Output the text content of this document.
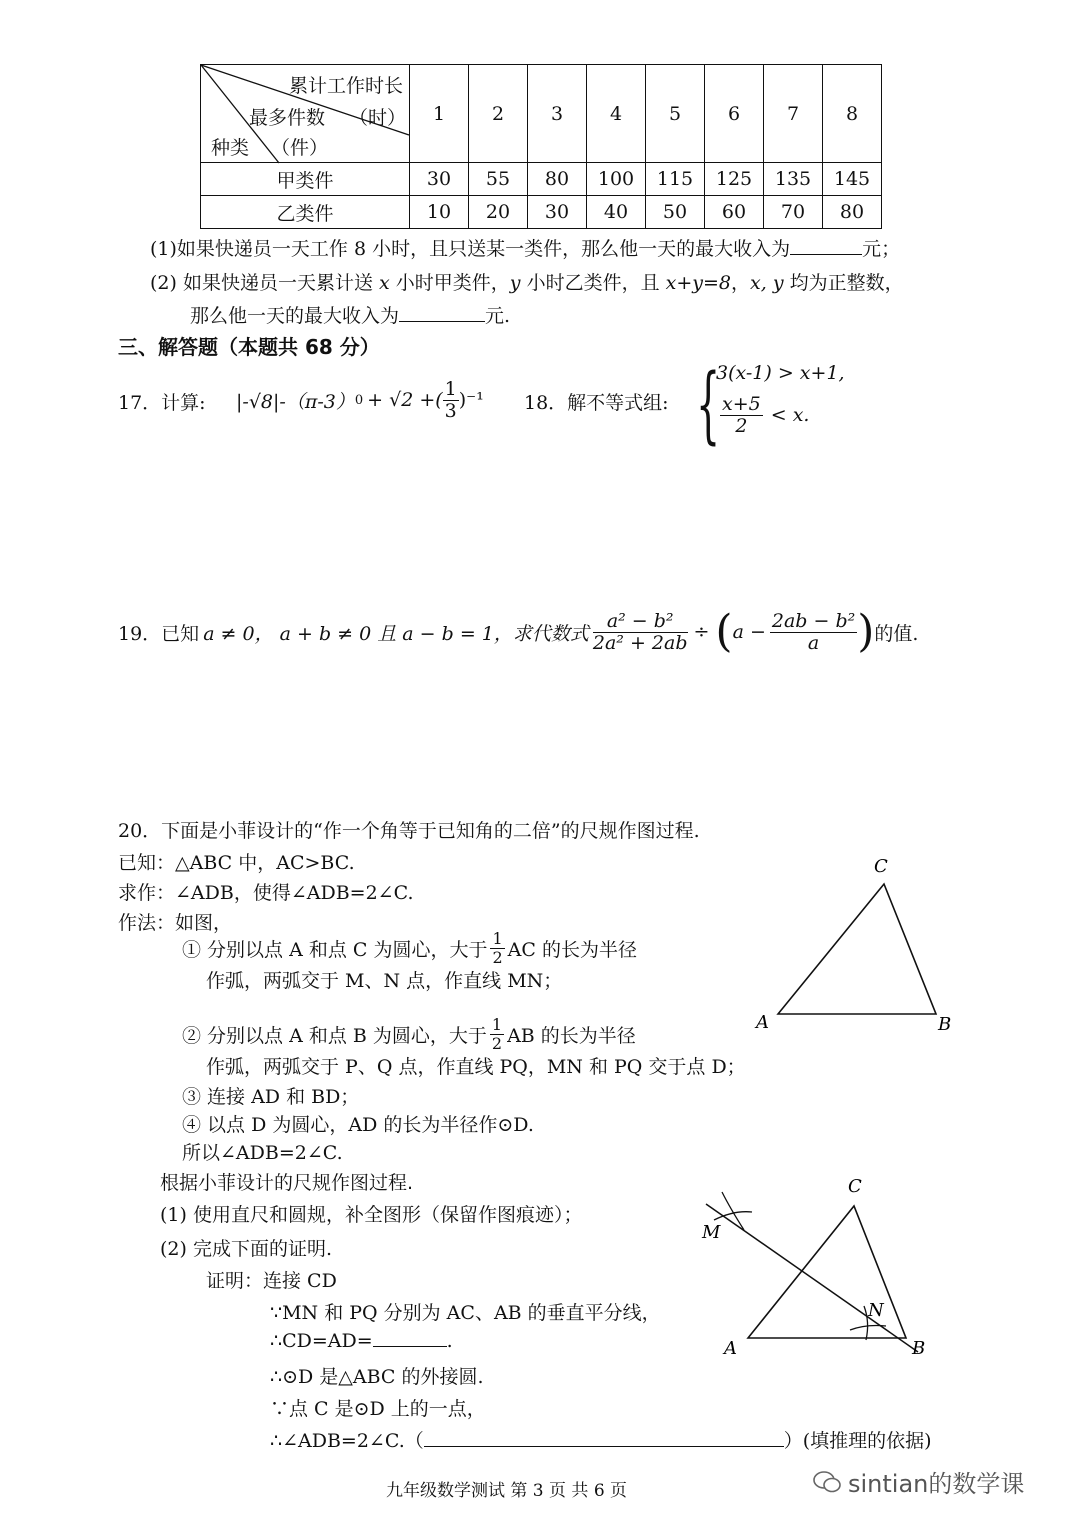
累计工作时长
最多件数 （时）
种类 （件）	1	2	3	4	5	6	7	8
甲类件	30	55	80	100	115	125	135	145
乙类件	10	20	30	40	50	60	70	80
(1)如果快递员一天工作 8 小时，且只送某一类件，那么他一天的最大收入为	元；
(2) 如果快递员一天累计送 x 小时甲类件，y 小时乙类件，且 x+y=8，x, y 均为正整数，
那么他一天的最大收入为	元.
三、解答题（本题共 68 分）
17．计算: |-√8|-（π-3） 0 + √2 +( $\frac{1}{3} )^{-1}$ 18．解不等式组: {
3(x-1) > x+1,
$\frac{x+5}{2} < x$.
19．已知 a ≠ 0， a + b ≠ 0 且 a − b = 1，求代数式 $\frac{\text{a² − b²}}{\text{2a² + 2ab}}$ ÷ ( $a - \frac{\text{2ab − b²}}{a}$ ) 的值.
20．下面是小菲设计的“作一个角等于已知角的二倍”的尺规作图过程.
已知：△ABC 中，AC>BC.
求作：∠ADB，使得∠ADB=2∠C.
作法：如图，
① 分别以点 A 和点 C 为圆心，大于 $\frac{1}{2}$ AC 的长为半径
作弧，两弧交于 M、N 点，作直线 MN；
② 分别以点 A 和点 B 为圆心，大于 $\frac{1}{2}$ AB 的长为半径
作弧，两弧交于 P、Q 点，作直线 PQ，MN 和 PQ 交于点 D；
③ 连接 AD 和 BD；
④ 以点 D 为圆心，AD 的长为半径作⊙D.
所以∠ADB=2∠C.
根据小菲设计的尺规作图过程.
(1) 使用直尺和圆规，补全图形（保留作图痕迹）；
(2) 完成下面的证明.
证明：连接 CD
∵MN 和 PQ 分别为 AC、AB 的垂直平分线，
∴CD=AD=	.
∴⊙D 是△ABC 的外接圆.
∵点 C 是⊙D 上的一点，
∴∠ADB=2∠C.（	）(填推理的依据)
C
A	B
C
A	B
M
N
九年级数学测试 第 3 页 共 6 页	sintian的数学课
